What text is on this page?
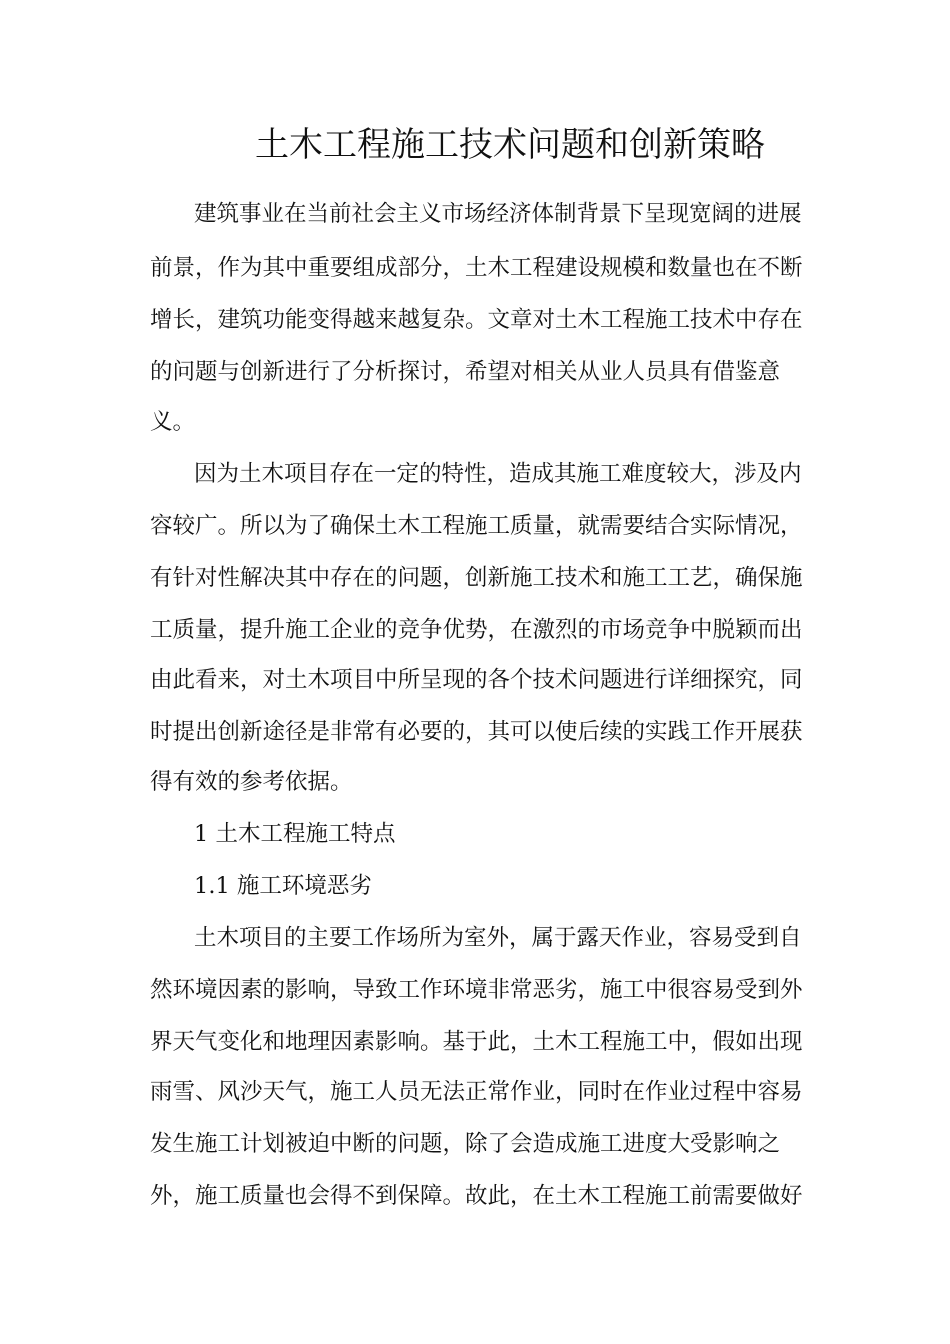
土木工程施工技术问题和创新策略
建筑事业在当前社会主义市场经济体制背景下呈现宽阔的进展
前景，作为其中重要组成部分，土木工程建设规模和数量也在不断
增长，建筑功能变得越来越复杂。文章对土木工程施工技术中存在
的问题与创新进行了分析探讨，希望对相关从业人员具有借鉴意
义。
因为土木项目存在一定的特性，造成其施工难度较大，涉及内
容较广。所以为了确保土木工程施工质量，就需要结合实际情况，
有针对性解决其中存在的问题，创新施工技术和施工工艺，确保施
工质量，提升施工企业的竞争优势，在激烈的市场竞争中脱颖而出
由此看来，对土木项目中所呈现的各个技术问题进行详细探究，同
时提出创新途径是非常有必要的，其可以使后续的实践工作开展获
得有效的参考依据。
1 土木工程施工特点
1.1 施工环境恶劣
土木项目的主要工作场所为室外，属于露天作业，容易受到自
然环境因素的影响，导致工作环境非常恶劣，施工中很容易受到外
界天气变化和地理因素影响。基于此，土木工程施工中，假如出现
雨雪、风沙天气，施工人员无法正常作业，同时在作业过程中容易
发生施工计划被迫中断的问题，除了会造成施工进度大受影响之
外，施工质量也会得不到保障。故此，在土木工程施工前需要做好
